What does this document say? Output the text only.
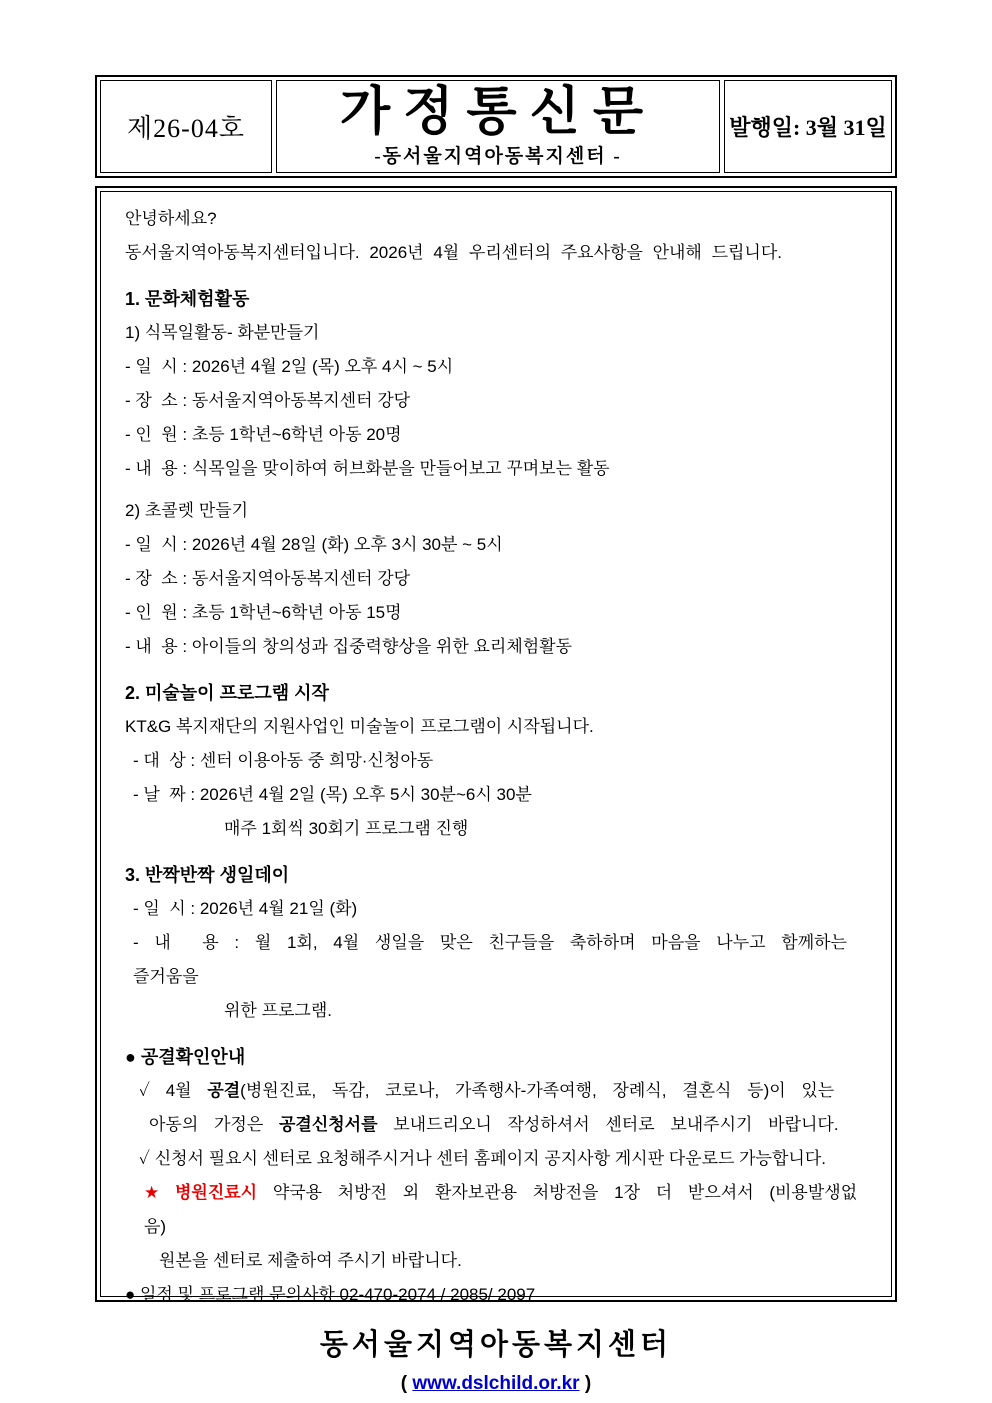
제26-04호 가정통신문
-동서울지역아동복지센터 -
발행일: 3월 31일

안녕하세요?

동서울지역아동복지센터입니다. 2026년 4월 우리센터의 주요사항을 안내해 드립니다.

1. 문화체험활동

1) 식목일활동- 화분만들기

- 일  시 : 2026년 4월 2일 (목) 오후 4시 ~ 5시

- 장  소 : 동서울지역아동복지센터 강당

- 인  원 : 초등 1학년~6학년 아동 20명

- 내  용 : 식목일을 맞이하여 허브화분을 만들어보고 꾸며보는 활동

2) 초콜렛 만들기

- 일  시 : 2026년 4월 28일 (화) 오후 3시 30분 ~ 5시

- 장  소 : 동서울지역아동복지센터 강당

- 인  원 : 초등 1학년~6학년 아동 15명

- 내  용 : 아이들의 창의성과 집중력향상을 위한 요리체험활동

2. 미술놀이 프로그램 시작

KT&G 복지재단의 지원사업인 미술놀이 프로그램이 시작됩니다.

- 대  상 : 센터 이용아동 중 희망·신청아동

- 날  짜 : 2026년 4월 2일 (목) 오후 5시 30분~6시 30분

매주 1회씩 30회기 프로그램 진행

3. 반짝반짝 생일데이

- 일  시 : 2026년 4월 21일 (화)

- 내  용 : 월 1회, 4월 생일을 맞은 친구들을 축하하며 마음을 나누고 함께하는 즐거움을

위한 프로그램.

● 공결확인안내

✓ 4월 공결(병원진료, 독감, 코로나, 가족행사-가족여행, 장례식, 결혼식 등)이 있는

아동의 가정은 공결신청서를 보내드리오니 작성하셔서 센터로 보내주시기 바랍니다.

✓ 신청서 필요시 센터로 요청해주시거나 센터 홈페이지 공지사항 게시판 다운로드 가능합니다.

★ 병원진료시 약국용 처방전 외 환자보관용 처방전을 1장 더 받으셔서 (비용발생없음)

원본을 센터로 제출하여 주시기 바랍니다.

● 일정 및 프로그램 문의사항 02-470-2074 / 2085/ 2097

동서울지역아동복지센터
( www.dslchild.or.kr )
